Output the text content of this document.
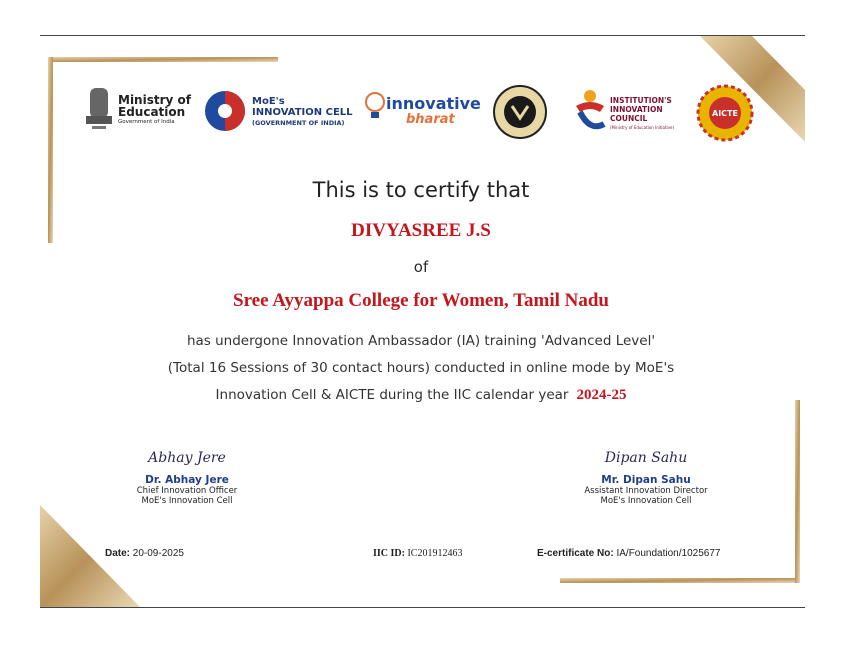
Ministry of
Education
Government of India
MoE's
INNOVATION CELL
(GOVERNMENT OF INDIA)
innovative
bharat
INSTITUTION'S
INNOVATION
COUNCIL
(Ministry of Education Initiative)
AICTE
This is to certify that
DIVYASREE J.S
of
Sree Ayyappa College for Women, Tamil Nadu
has undergone Innovation Ambassador (IA) training 'Advanced Level'
(Total 16 Sessions of 30 contact hours) conducted in online mode by MoE's
Innovation Cell & AICTE during the IIC calendar year 2024-25
Abhay Jere
Dr. Abhay Jere
Chief Innovation Officer
MoE's Innovation Cell
Dipan Sahu
Mr. Dipan Sahu
Assistant Innovation Director
MoE's Innovation Cell
Date: 20-09-2025	IIC ID: IC201912463	E-certificate No: IA/Foundation/1025677
